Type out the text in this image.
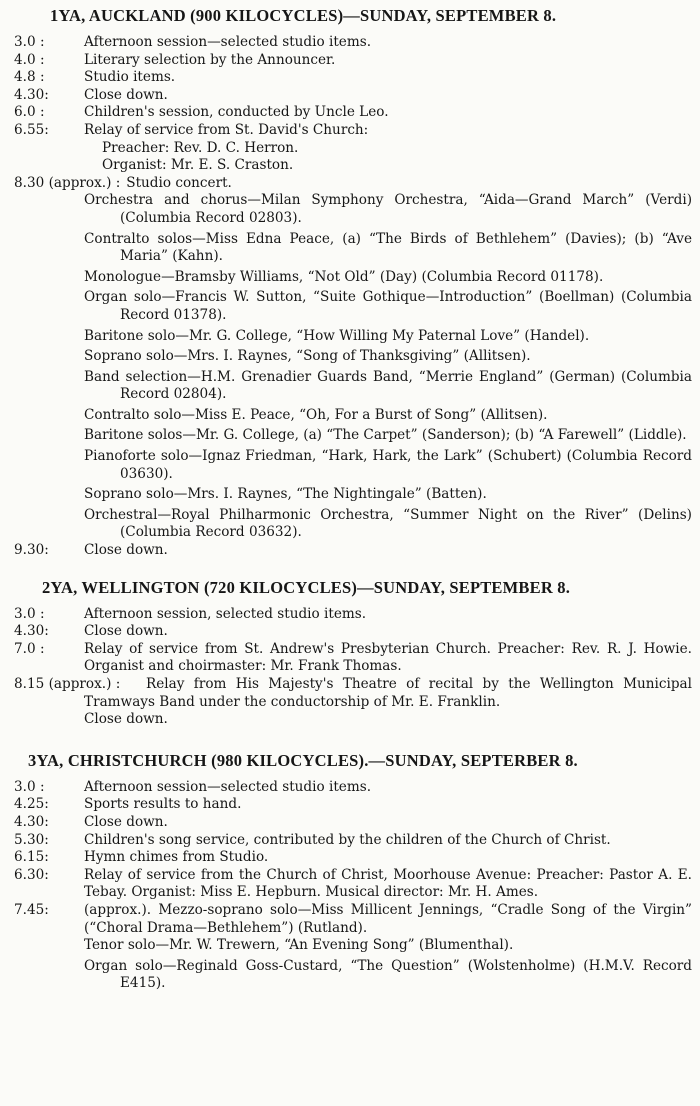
1YA, AUCKLAND (900 KILOCYCLES)—SUNDAY, SEPTEMBER 8.
3.0 :	Afternoon session—selected studio items.
4.0 :	Literary selection by the Announcer.
4.8 :	Studio items.
4.30:	Close down.
6.0 :	Children's session, conducted by Uncle Leo.
6.55:	Relay of service from St. David's Church:
Preacher: Rev. D. C. Herron.
Organist: Mr. E. S. Craston.
8.30 (approx.) : Studio concert.
Orchestra and chorus—Milan Symphony Orchestra, “Aida—Grand March” (Verdi) (Columbia Record 02803).
Contralto solos—Miss Edna Peace, (a) “The Birds of Bethlehem” (Davies); (b) “Ave Maria” (Kahn).
Monologue—Bramsby Williams, “Not Old” (Day) (Columbia Record 01178).
Organ solo—Francis W. Sutton, “Suite Gothique—Introduction” (Boellman) (Columbia Record 01378).
Baritone solo—Mr. G. College, “How Willing My Paternal Love” (Handel).
Soprano solo—Mrs. I. Raynes, “Song of Thanksgiving” (Allitsen).
Band selection—H.M. Grenadier Guards Band, “Merrie England” (German) (Columbia Record 02804).
Contralto solo—Miss E. Peace, “Oh, For a Burst of Song” (Allitsen).
Baritone solos—Mr. G. College, (a) “The Carpet” (Sanderson); (b) “A Farewell” (Liddle).
Pianoforte solo—Ignaz Friedman, “Hark, Hark, the Lark” (Schubert) (Columbia Record 03630).
Soprano solo—Mrs. I. Raynes, “The Nightingale” (Batten).
Orchestral—Royal Philharmonic Orchestra, “Summer Night on the River” (Delins) (Columbia Record 03632).
9.30:	Close down.
2YA, WELLINGTON (720 KILOCYCLES)—SUNDAY, SEPTEMBER 8.
3.0 :	Afternoon session, selected studio items.
4.30:	Close down.
7.0 :	Relay of service from St. Andrew's Presbyterian Church. Preacher: Rev. R. J. Howie. Organist and choirmaster: Mr. Frank Thomas.
8.15 (approx.) :	Relay from His Majesty's Theatre of recital by the Wellington Municipal Tramways Band under the conductorship of Mr. E. Franklin.
Close down.
3YA, CHRISTCHURCH (980 KILOCYCLES).—SUNDAY, SEPTERBER 8.
3.0 :	Afternoon session—selected studio items.
4.25:	Sports results to hand.
4.30:	Close down.
5.30:	Children's song service, contributed by the children of the Church of Christ.
6.15:	Hymn chimes from Studio.
6.30:	Relay of service from the Church of Christ, Moorhouse Avenue: Preacher: Pastor A. E. Tebay. Organist: Miss E. Hepburn. Musical director: Mr. H. Ames.
7.45:	(approx.). Mezzo-soprano solo—Miss Millicent Jennings, “Cradle Song of the Virgin” (“Choral Drama—Bethlehem”) (Rutland).
Tenor solo—Mr. W. Trewern, “An Evening Song” (Blumenthal).
Organ solo—Reginald Goss-Custard, “The Question” (Wolstenholme) (H.M.V. Record E415).
